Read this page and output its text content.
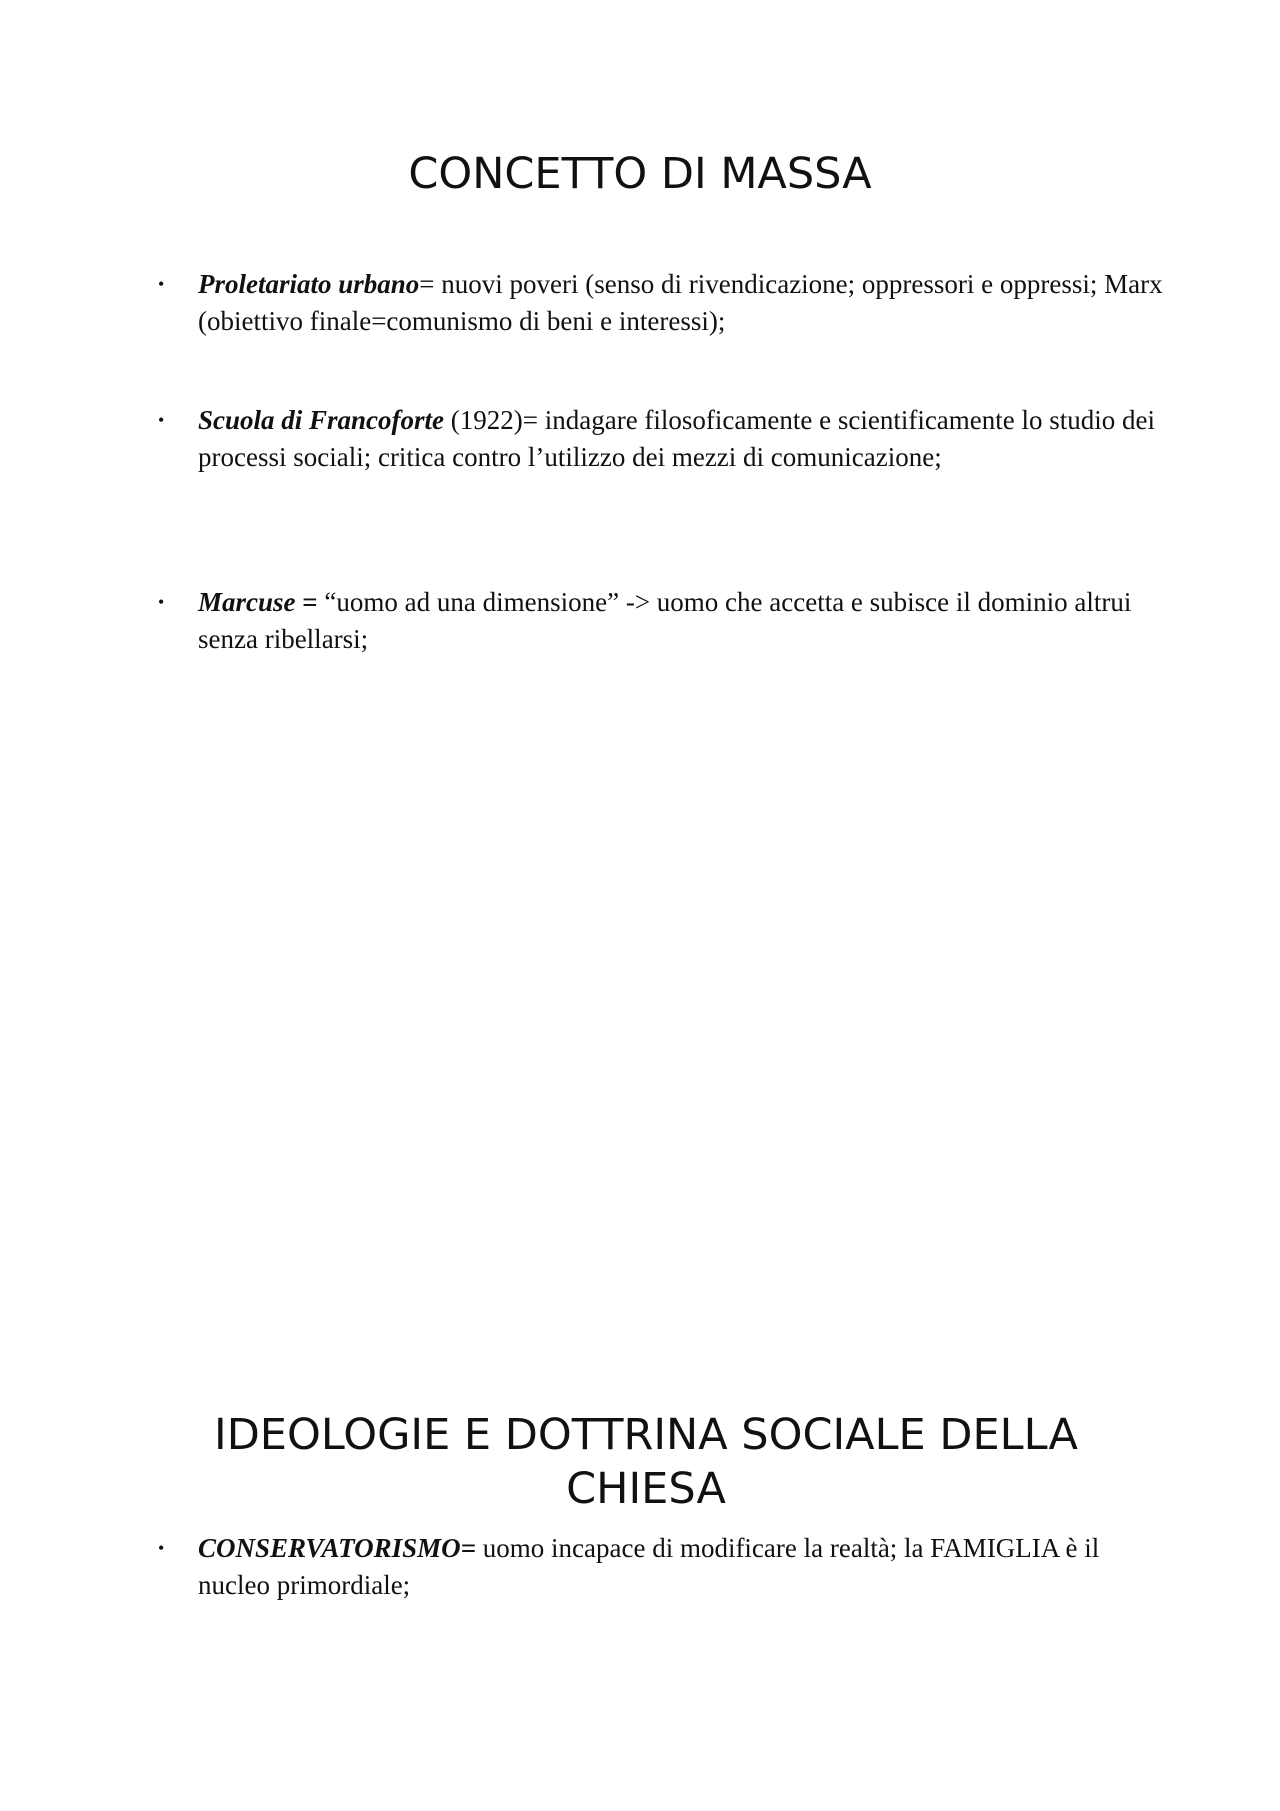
CONCETTO DI MASSA
• Proletariato urbano= nuovi poveri (senso di rivendicazione; oppressori e oppressi; Marx (obiettivo finale=comunismo di beni e interessi);
• Scuola di Francoforte (1922)= indagare filosoficamente e scientificamente lo studio dei processi sociali; critica contro l’utilizzo dei mezzi di comunicazione;
• Marcuse = “uomo ad una dimensione” -> uomo che accetta e subisce il dominio altrui senza ribellarsi;
IDEOLOGIE E DOTTRINA SOCIALE DELLA
CHIESA
• CONSERVATORISMO= uomo incapace di modificare la realtà; la FAMIGLIA è il nucleo primordiale;
